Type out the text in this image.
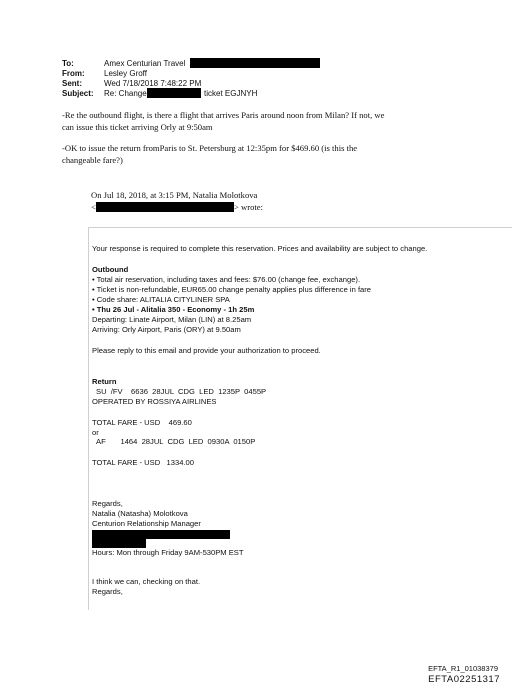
To:	Amex Centurian Travel
From: Lesley Groff
Sent:	Wed 7/18/2018 7:48:22 PM
Subject: Re: Change	ticket EGJNYH
-Re the outbound flight, is there a flight that arrives Paris around noon from Milan? If not, we
can issue this ticket arriving Orly at 9:50am
-OK to issue the return fromParis to St. Petersburg at 12:35pm for $469.60 (is this the
changeable fare?)
On Jul 18, 2018, at 3:15 PM, Natalia Molotkova
<	> wrote:
Your response is required to complete this reservation. Prices and availability are subject to change.
Outbound
• Total air reservation, including taxes and fees: $76.00 (change fee, exchange).
• Ticket is non-refundable, EUR65.00 change penalty applies plus difference in fare
• Code share: ALITALIA CITYLINER SPA
• Thu 26 Jul - Alitalia 350 - Economy - 1h 25m
Departing: Linate Airport, Milan (LIN) at 8.25am
Arriving: Orly Airport, Paris (ORY) at 9.50am
Please reply to this email and provide your authorization to proceed.
Return
SU  /FV    6636  28JUL  CDG  LED  1235P  0455P
OPERATED BY ROSSIYA AIRLINES
TOTAL FARE - USD    469.60
or
AF       1464  28JUL  CDG  LED  0930A  0150P
TOTAL FARE - USD   1334.00
Regards,
Natalia (Natasha) Molotkova
Centurion Relationship Manager
Hours: Mon through Friday 9AM-530PM EST
I think we can, checking on that.
Regards,
EFTA_R1_01038379
EFTA02251317
